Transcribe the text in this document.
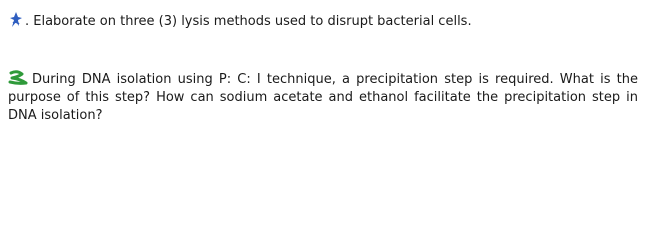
. Elaborate on three (3) lysis methods used to disrupt bacterial cells.
During DNA isolation using P: C: I technique, a precipitation step is required. What is the purpose of this step? How can sodium acetate and ethanol facilitate the precipitation step in DNA isolation?
